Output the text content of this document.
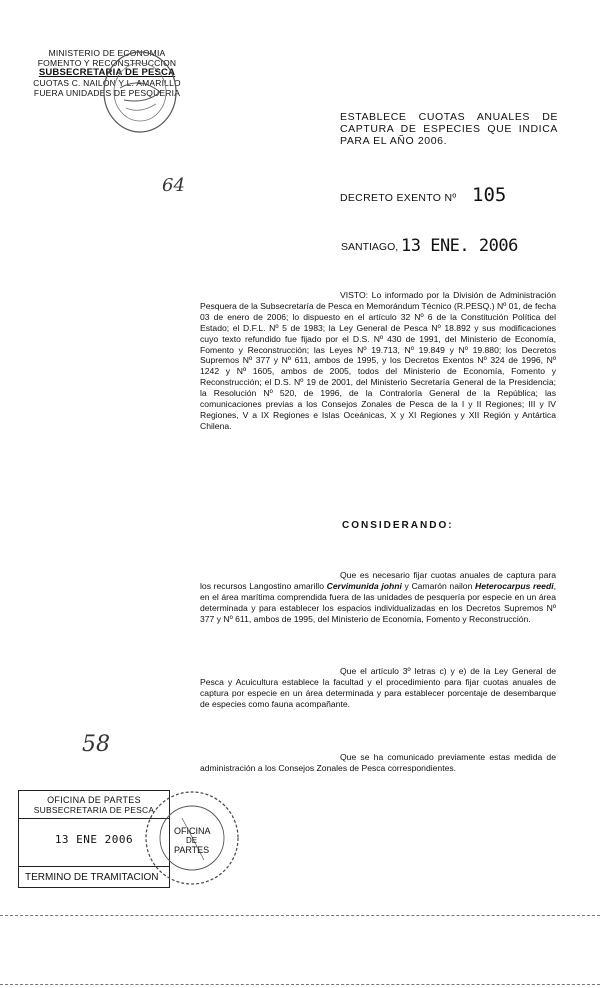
MINISTERIO DE ECONOMIA
FOMENTO Y RECONSTRUCCION
SUBSECRETARIA DE PESCA
CUOTAS C. NAILON Y L. AMARILLO
FUERA UNIDADES DE PESQUERIA
ESTABLECE CUOTAS ANUALES DE CAPTURA DE ESPECIES QUE INDICA PARA EL AÑO 2006.
64
DECRETO EXENTO Nº 105
SANTIAGO, 13 ENE. 2006
VISTO: Lo informado por la División de Administración Pesquera de la Subsecretaría de Pesca en Memorándum Técnico (R.PESQ.) Nº 01, de fecha 03 de enero de 2006; lo dispuesto en el artículo 32 Nº 6 de la Constitución Política del Estado; el D.F.L. Nº 5 de 1983; la Ley General de Pesca Nº 18.892 y sus modificaciones cuyo texto refundido fue fijado por el D.S. Nº 430 de 1991, del Ministerio de Economía, Fomento y Reconstrucción; las Leyes Nº 19.713, Nº 19.849 y Nº 19.880; los Decretos Supremos Nº 377 y Nº 611, ambos de 1995, y los Decretos Exentos Nº 324 de 1996, Nº 1242 y Nº 1605, ambos de 2005, todos del Ministerio de Economía, Fomento y Reconstrucción; el D.S. Nº 19 de 2001, del Ministerio Secretaría General de la Presidencia; la Resolución Nº 520, de 1996, de la Contraloría General de la República; las comunicaciones previas a los Consejos Zonales de Pesca de la I y II Regiones; III y IV Regiones, V a IX Regiones e Islas Oceánicas, X y XI Regiones y XII Región y Antártica Chilena.
CONSIDERANDO:
Que es necesario fijar cuotas anuales de captura para los recursos Langostino amarillo Cervimunida johni y Camarón nailon Heterocarpus reedi, en el área marítima comprendida fuera de las unidades de pesquería por especie en un área determinada y para establecer los espacios individualizadas en los Decretos Supremos Nº 377 y Nº 611, ambos de 1995, del Ministerio de Economía, Fomento y Reconstrucción.
Que el artículo 3º letras c) y e) de la Ley General de Pesca y Acuicultura establece la facultad y el procedimiento para fijar cuotas anuales de captura por especie en un área determinada y para establecer porcentaje de desembarque de especies como fauna acompañante.
58	Que se ha comunicado previamente estas medida de administración a los Consejos Zonales de Pesca correspondientes.
OFICINA DE PARTES
SUBSECRETARIA DE PESCA
13 ENE 2006
TERMINO DE TRAMITACION
OFICINA
DE
PARTES
